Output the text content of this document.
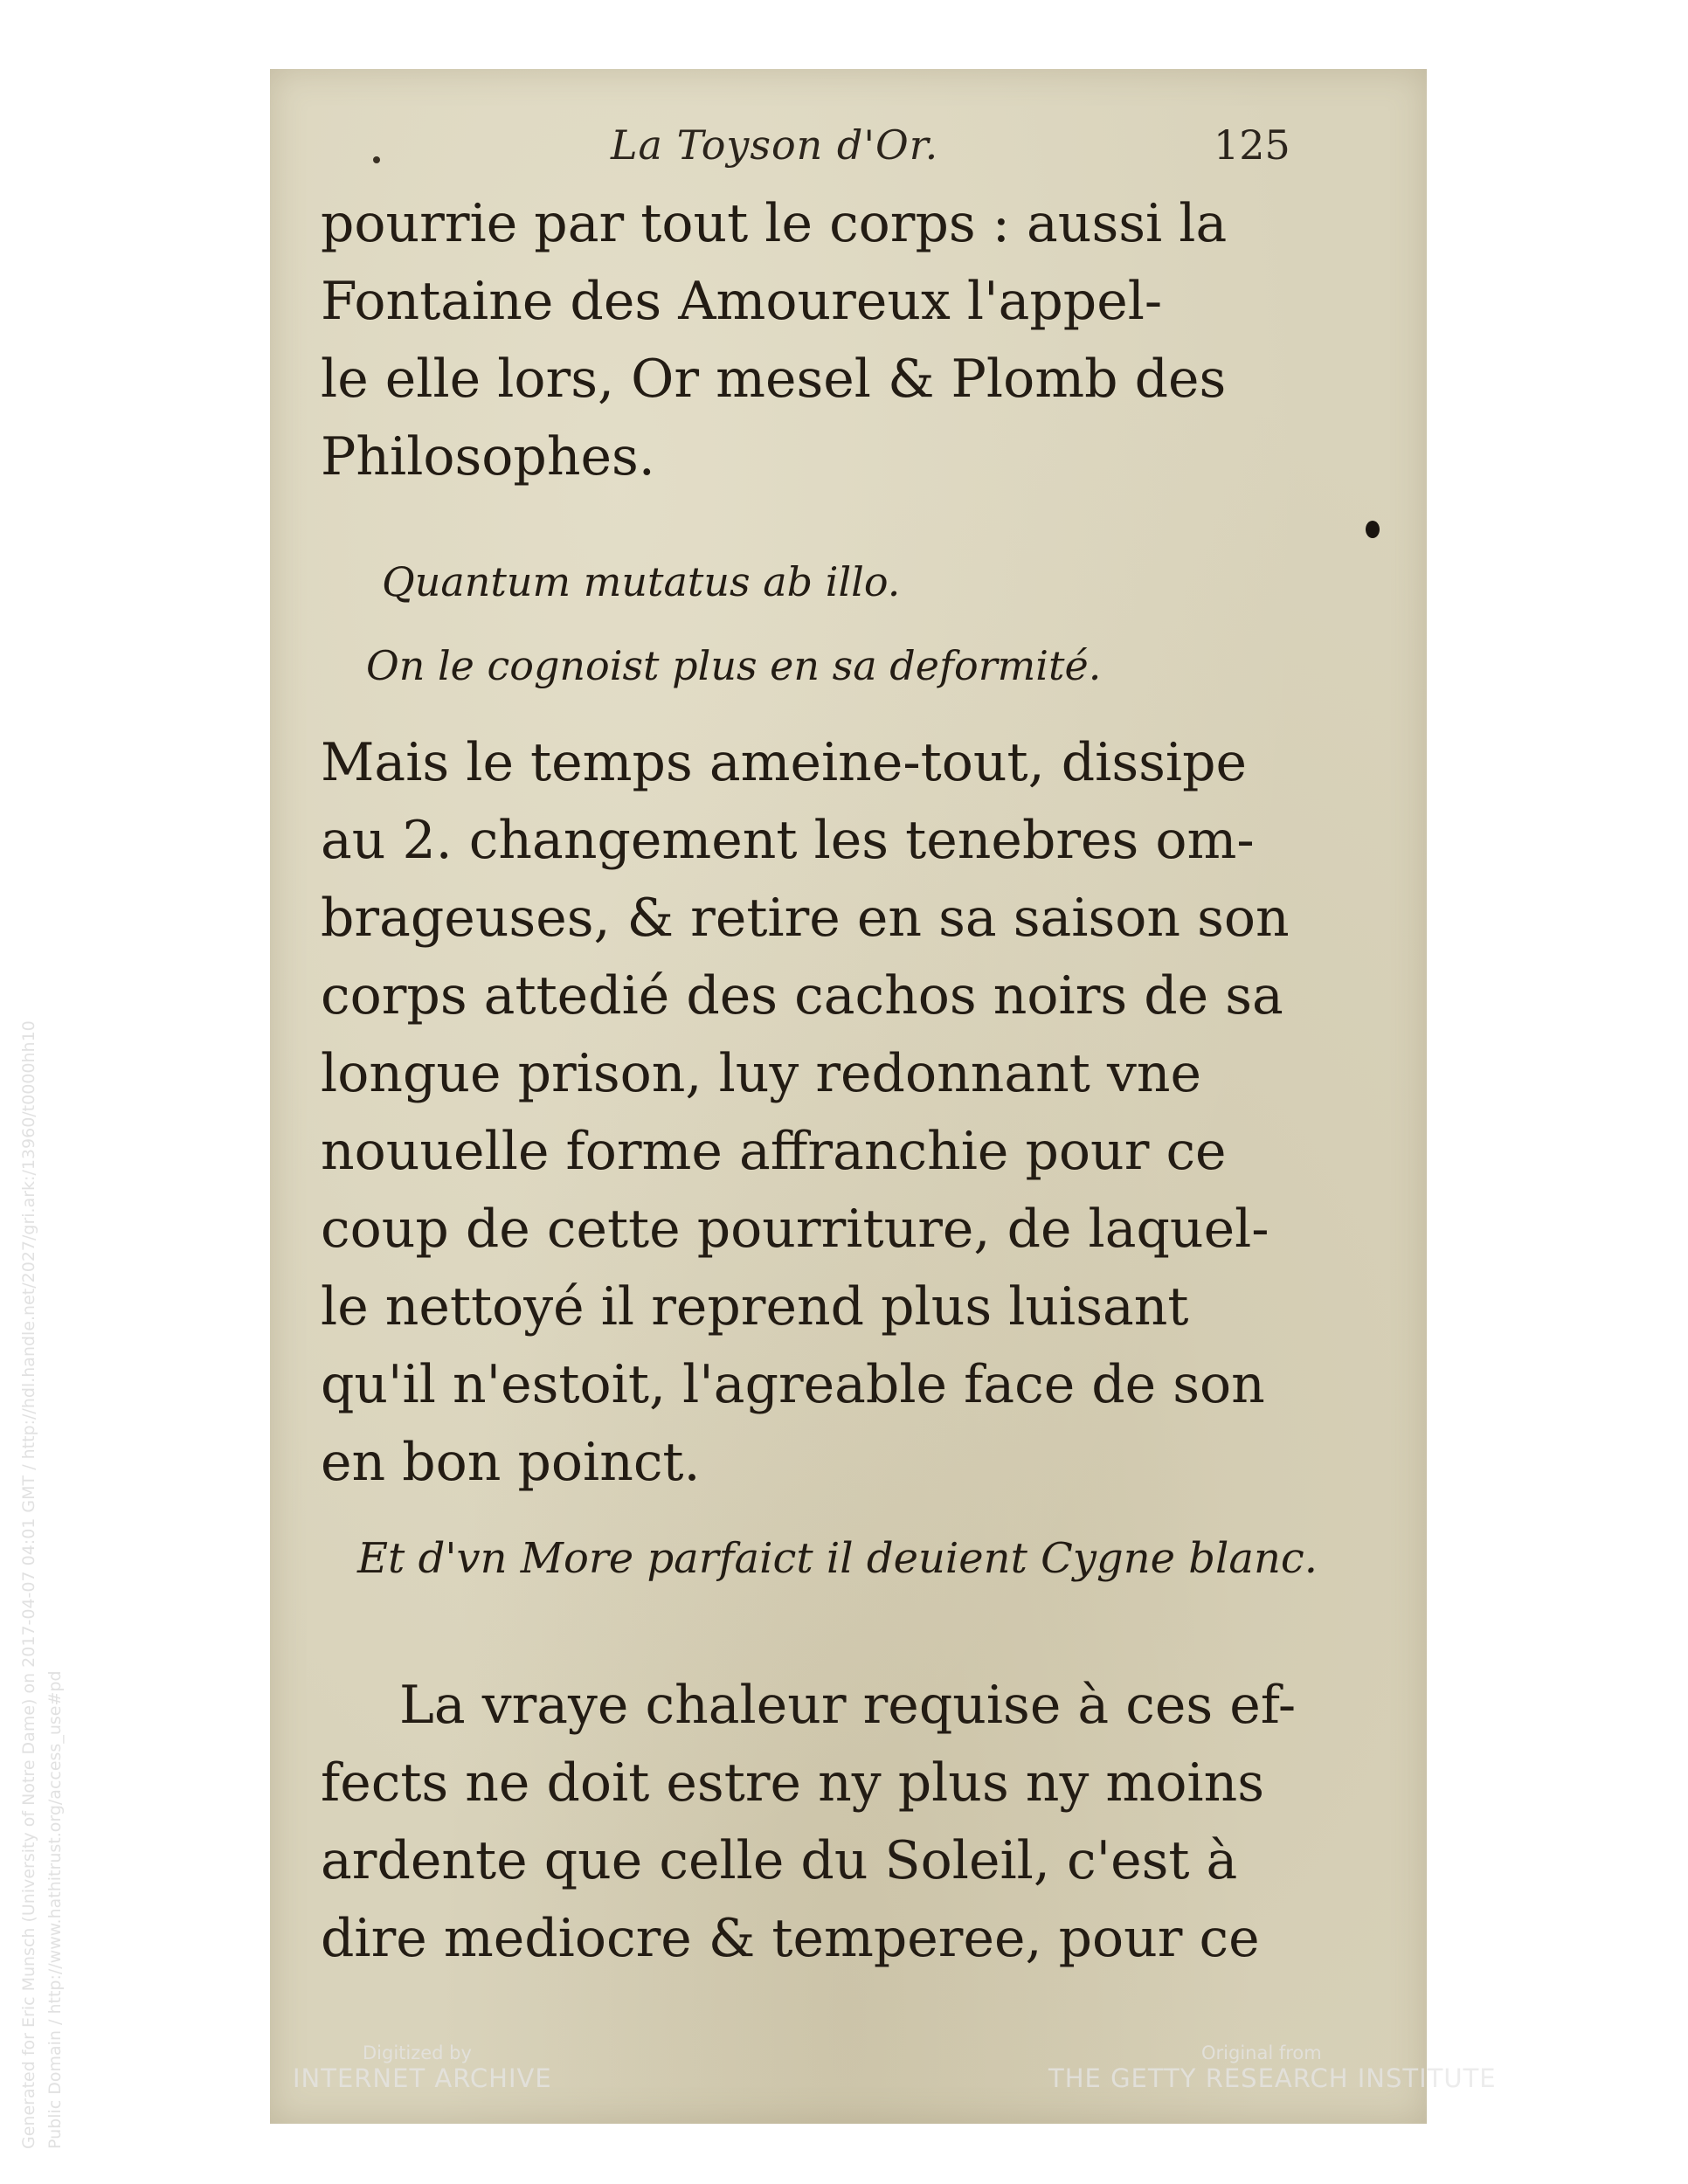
Generated for Eric Munsch (University of Notre Dame) on 2017-04-07 04:01 GMT / http://hdl.handle.net/2027/gri.ark:/13960/t0000hh10 Public Domain / http://www.hathitrust.org/access_use#pd
La Toyson d'Or.	125
pourrie par tout le corps : aussi la
Fontaine des Amoureux l'appel-
le elle lors, Or mesel & Plomb des
Philosophes.
Quantum mutatus ab illo.
On le cognoist plus en sa deformité.
Mais le temps ameine-tout, dissipe
au 2. changement les tenebres om-
brageuses, & retire en sa saison son
corps attedié des cachos noirs de sa
longue prison, luy redonnant vne
nouuelle forme affranchie pour ce
coup de cette pourriture, de laquel-
le nettoyé il reprend plus luisant
qu'il n'estoit, l'agreable face de son
en bon poinct.
Et d'vn More parfaict il deuient Cygne blanc.
La vraye chaleur requise à ces ef-
fects ne doit estre ny plus ny moins
ardente que celle du Soleil, c'est à
dire mediocre & temperee, pour ce
Digitized by
INTERNET ARCHIVE
Original from
THE GETTY RESEARCH INSTITUTE
